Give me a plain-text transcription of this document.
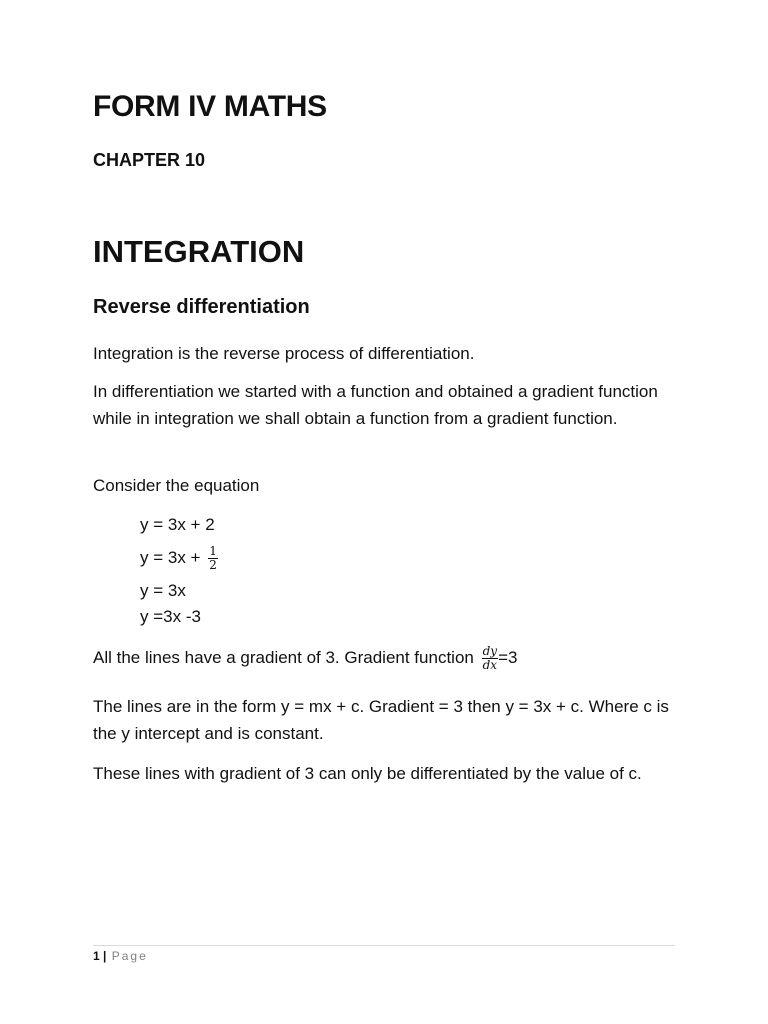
FORM IV MATHS
CHAPTER 10
INTEGRATION
Reverse differentiation

Integration is the reverse process of differentiation.

In differentiation we started with a function and obtained a gradient function while in integration we shall obtain a function from a gradient function.

Consider the equation

y = 3x + 2
$y = 3x + \frac{1}{2}$
y = 3x
y =3x -3
All the lines have a gradient of 3. Gradient function $\frac{dy}{dx} =3$

The lines are in the form y = mx + c. Gradient = 3 then y = 3x + c. Where c is the y intercept and is constant.

These lines with gradient of 3 can only be differentiated by the value of c.

1 | Page
